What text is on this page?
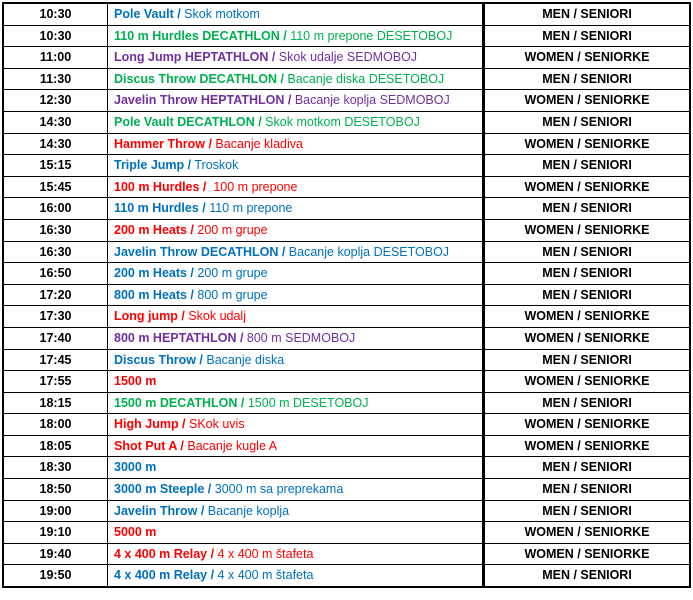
10:30	Pole Vault / Skok motkom	MEN / SENIORI
10:30	110 m Hurdles DECATHLON / 110 m prepone DESETOBOJ	MEN / SENIORI
11:00	Long Jump HEPTATHLON / Skok udalje SEDMOBOJ	WOMEN / SENIORKE
11:30	Discus Throw DECATHLON / Bacanje diska DESETOBOJ	MEN / SENIORI
12:30	Javelin Throw HEPTATHLON / Bacanje koplja SEDMOBOJ	WOMEN / SENIORKE
14:30	Pole Vault DECATHLON / Skok motkom DESETOBOJ	MEN / SENIORI
14:30	Hammer Throw / Bacanje kladiva	WOMEN / SENIORKE
15:15	Triple Jump / Troskok	MEN / SENIORI
15:45	100 m Hurdles /  100 m prepone	WOMEN / SENIORKE
16:00	110 m Hurdles / 110 m prepone	MEN / SENIORI
16:30	200 m Heats / 200 m grupe	WOMEN / SENIORKE
16:30	Javelin Throw DECATHLON / Bacanje koplja DESETOBOJ	MEN / SENIORI
16:50	200 m Heats / 200 m grupe	MEN / SENIORI
17:20	800 m Heats / 800 m grupe	MEN / SENIORI
17:30	Long jump / Skok udalj	WOMEN / SENIORKE
17:40	800 m HEPTATHLON / 800 m SEDMOBOJ	WOMEN / SENIORKE
17:45	Discus Throw / Bacanje diska	MEN / SENIORI
17:55	1500 m	WOMEN / SENIORKE
18:15	1500 m DECATHLON / 1500 m DESETOBOJ	MEN / SENIORI
18:00	High Jump / SKok uvis	WOMEN / SENIORKE
18:05	Shot Put A / Bacanje kugle A	WOMEN / SENIORKE
18:30	3000 m	MEN / SENIORI
18:50	3000 m Steeple / 3000 m sa preprekama	MEN / SENIORI
19:00	Javelin Throw / Bacanje koplja	MEN / SENIORI
19:10	5000 m	WOMEN / SENIORKE
19:40	4 x 400 m Relay / 4 x 400 m štafeta	WOMEN / SENIORKE
19:50	4 x 400 m Relay / 4 x 400 m štafeta	MEN / SENIORI
